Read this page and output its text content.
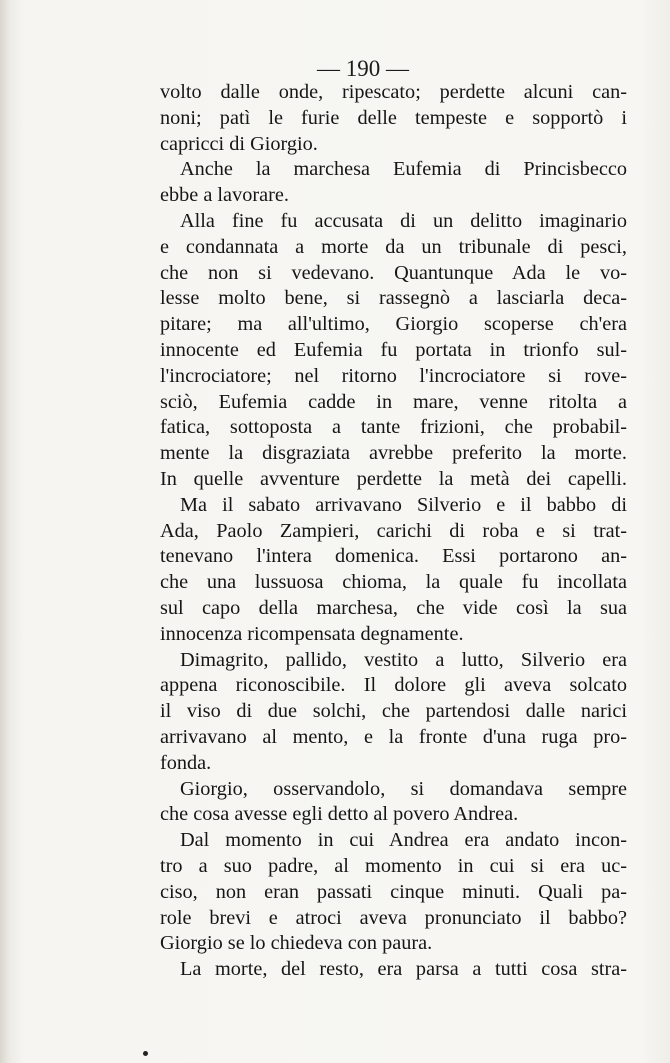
— 190 —
volto dalle onde, ripescato; perdette alcuni can-
noni; patì le furie delle tempeste e sopportò i
capricci di Giorgio.
Anche la marchesa Eufemia di Princisbecco
ebbe a lavorare.
Alla fine fu accusata di un delitto imaginario
e condannata a morte da un tribunale di pesci,
che non si vedevano. Quantunque Ada le vo-
lesse molto bene, si rassegnò a lasciarla deca-
pitare; ma all'ultimo, Giorgio scoperse ch'era
innocente ed Eufemia fu portata in trionfo sul-
l'incrociatore; nel ritorno l'incrociatore si rove-
sciò, Eufemia cadde in mare, venne ritolta a
fatica, sottoposta a tante frizioni, che probabil-
mente la disgraziata avrebbe preferito la morte.
In quelle avventure perdette la metà dei capelli.
Ma il sabato arrivavano Silverio e il babbo di
Ada, Paolo Zampieri, carichi di roba e si trat-
tenevano l'intera domenica. Essi portarono an-
che una lussuosa chioma, la quale fu incollata
sul capo della marchesa, che vide così la sua
innocenza ricompensata degnamente.
Dimagrito, pallido, vestito a lutto, Silverio era
appena riconoscibile. Il dolore gli aveva solcato
il viso di due solchi, che partendosi dalle narici
arrivavano al mento, e la fronte d'una ruga pro-
fonda.
Giorgio, osservandolo, si domandava sempre
che cosa avesse egli detto al povero Andrea.
Dal momento in cui Andrea era andato incon-
tro a suo padre, al momento in cui si era uc-
ciso, non eran passati cinque minuti. Quali pa-
role brevi e atroci aveva pronunciato il babbo?
Giorgio se lo chiedeva con paura.
La morte, del resto, era parsa a tutti cosa stra-
